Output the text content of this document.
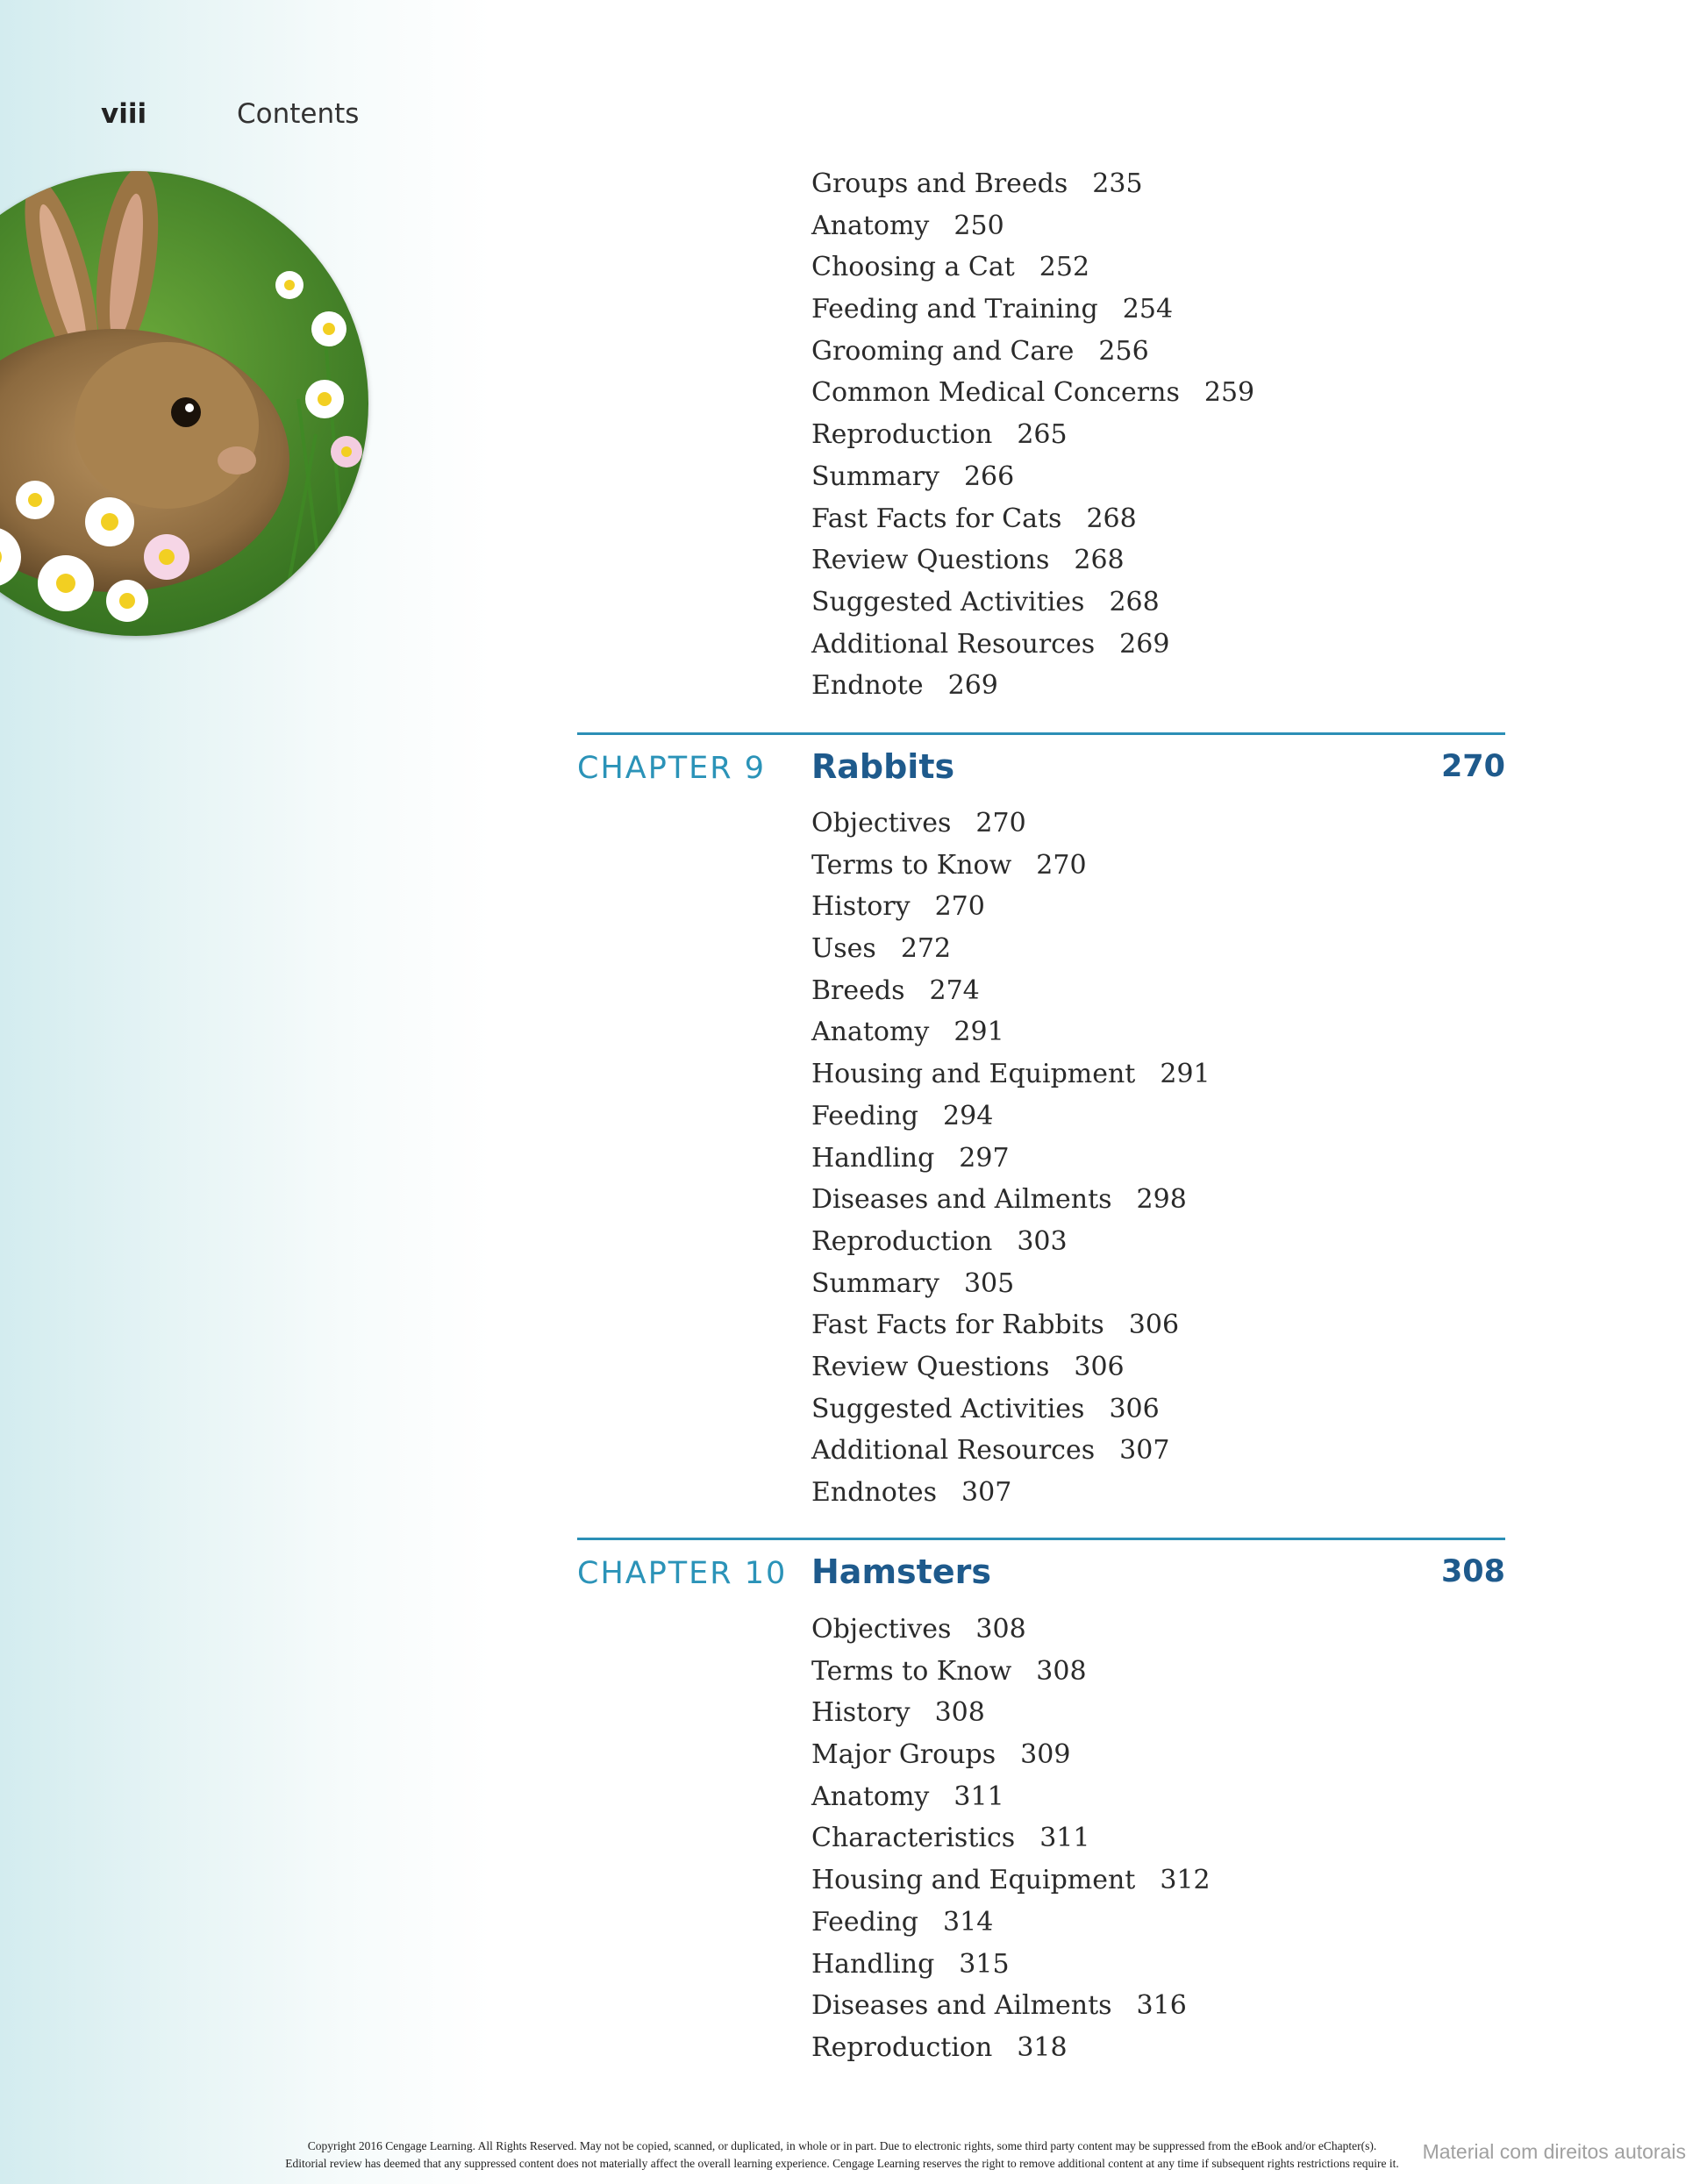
viii	Contents
Groups and Breeds 235
Anatomy 250
Choosing a Cat 252
Feeding and Training 254
Grooming and Care 256
Common Medical Concerns 259
Reproduction 265
Summary 266
Fast Facts for Cats 268
Review Questions 268
Suggested Activities 268
Additional Resources 269
Endnote 269
CHAPTER 9 Rabbits	270
Objectives 270
Terms to Know 270
History 270
Uses 272
Breeds 274
Anatomy 291
Housing and Equipment 291
Feeding 294
Handling 297
Diseases and Ailments 298
Reproduction 303
Summary 305
Fast Facts for Rabbits 306
Review Questions 306
Suggested Activities 306
Additional Resources 307
Endnotes 307
CHAPTER 10 Hamsters	308
Objectives 308
Terms to Know 308
History 308
Major Groups 309
Anatomy 311
Characteristics 311
Housing and Equipment 312
Feeding 314
Handling 315
Diseases and Ailments 316
Reproduction 318
Copyright 2016 Cengage Learning. All Rights Reserved. May not be copied, scanned, or duplicated, in whole or in part. Due to electronic rights, some third party content may be suppressed from the eBook and/or eChapter(s).
Editorial review has deemed that any suppressed content does not materially affect the overall learning experience. Cengage Learning reserves the right to remove additional content at any time if subsequent rights restrictions require it.
Material com direitos autorais
